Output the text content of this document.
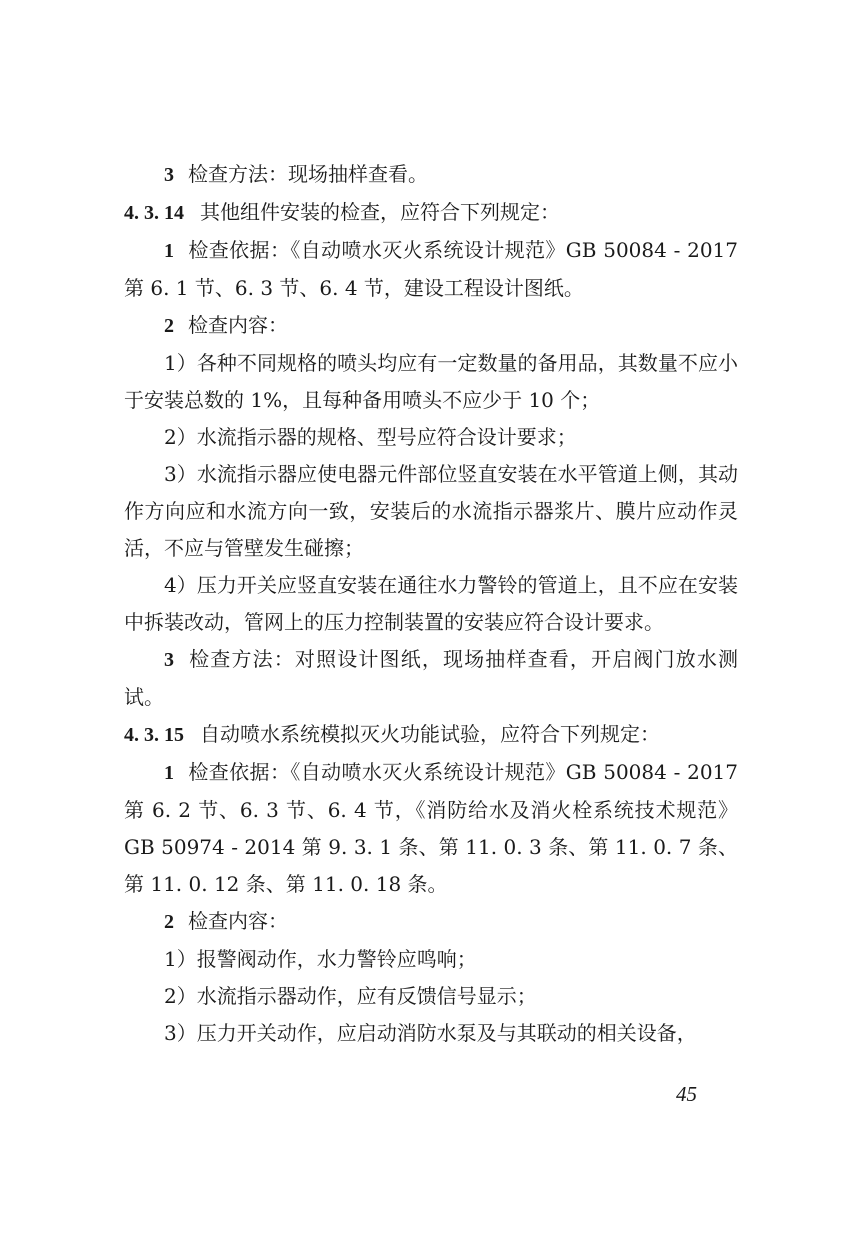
3 检查方法：现场抽样查看。

4. 3. 14 其他组件安装的检查，应符合下列规定：

1 检查依据：《自动喷水灭火系统设计规范》GB 50084 - 2017 第 6. 1 节、6. 3 节、6. 4 节，建设工程设计图纸。

2 检查内容：

1）各种不同规格的喷头均应有一定数量的备用品，其数量不应小于安装总数的 1%，且每种备用喷头不应少于 10 个；

2）水流指示器的规格、型号应符合设计要求；

3）水流指示器应使电器元件部位竖直安装在水平管道上侧，其动作方向应和水流方向一致，安装后的水流指示器浆片、膜片应动作灵活，不应与管壁发生碰擦；

4）压力开关应竖直安装在通往水力警铃的管道上，且不应在安装中拆装改动，管网上的压力控制装置的安装应符合设计要求。

3 检查方法：对照设计图纸，现场抽样查看，开启阀门放水测试。

4. 3. 15 自动喷水系统模拟灭火功能试验，应符合下列规定：

1 检查依据：《自动喷水灭火系统设计规范》GB 50084 - 2017 第 6. 2 节、6. 3 节、6. 4 节，《消防给水及消火栓系统技术规范》GB 50974 - 2014 第 9. 3. 1 条、第 11. 0. 3 条、第 11. 0. 7 条、第 11. 0. 12 条、第 11. 0. 18 条。

2 检查内容：

1）报警阀动作，水力警铃应鸣响；

2）水流指示器动作，应有反馈信号显示；

3）压力开关动作，应启动消防水泵及与其联动的相关设备，

45
